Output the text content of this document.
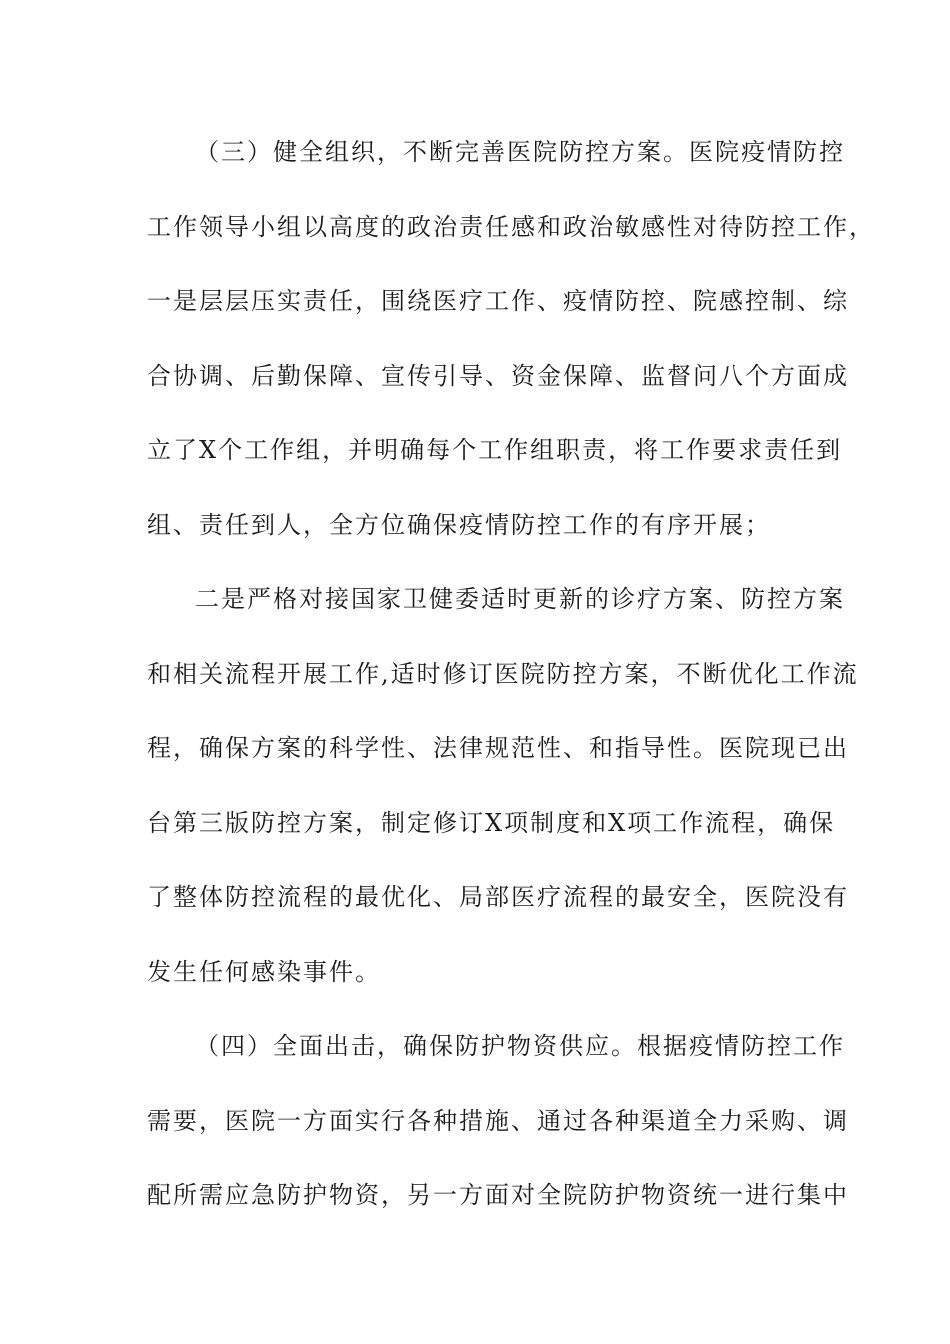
（三）健全组织，不断完善医院防控方案。医院疫情防控
工作领导小组以高度的政治责任感和政治敏感性对待防控工作，
一是层层压实责任，围绕医疗工作、疫情防控、院感控制、综
合协调、后勤保障、宣传引导、资金保障、监督问八个方面成
立了X个工作组，并明确每个工作组职责，将工作要求责任到
组、责任到人，全方位确保疫情防控工作的有序开展；
二是严格对接国家卫健委适时更新的诊疗方案、防控方案
和相关流程开展工作,适时修订医院防控方案，不断优化工作流
程，确保方案的科学性、法律规范性、和指导性。医院现已出
台第三版防控方案，制定修订X项制度和X项工作流程，确保
了整体防控流程的最优化、局部医疗流程的最安全，医院没有
发生任何感染事件。
（四）全面出击，确保防护物资供应。根据疫情防控工作
需要，医院一方面实行各种措施、通过各种渠道全力采购、调
配所需应急防护物资，另一方面对全院防护物资统一进行集中
